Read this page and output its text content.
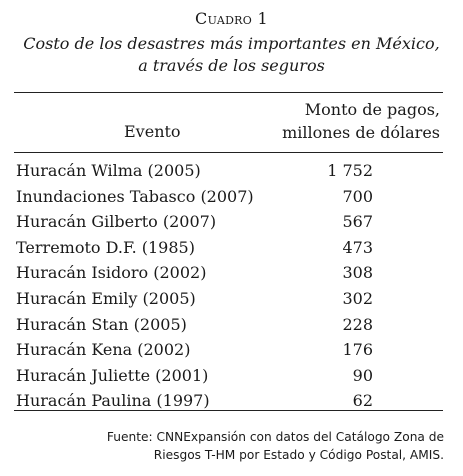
Cuadro 1
Costo de los desastres más importantes en México,
a través de los seguros
Evento
Monto de pagos,
millones de dólares
Huracán Wilma (2005)	1 752
Inundaciones Tabasco (2007)	700
Huracán Gilberto (2007)	567
Terremoto D.F. (1985)	473
Huracán Isidoro (2002)	308
Huracán Emily (2005)	302
Huracán Stan (2005)	228
Huracán Kena (2002)	176
Huracán Juliette (2001)	90
Huracán Paulina (1997)	62
Fuente: CNNExpansión con datos del Catálogo Zona de
Riesgos T-HM por Estado y Código Postal, AMIS.
